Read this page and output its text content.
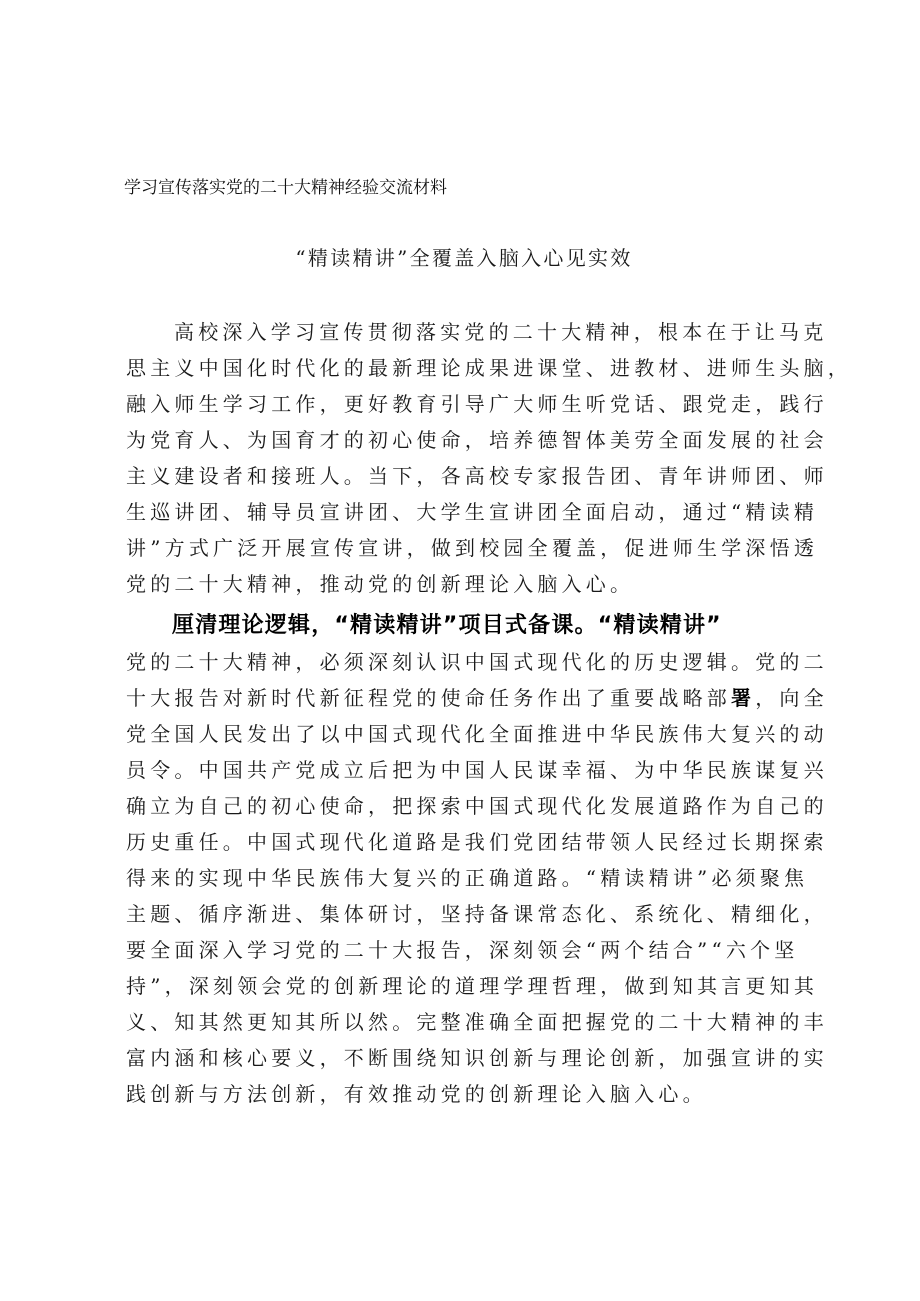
学习宣传落实党的二十大精神经验交流材料
“精读精讲”全覆盖入脑入心见实效
高校深入学习宣传贯彻落实党的二十大精神，根本在于让马克
思主义中国化时代化的最新理论成果进课堂、进教材、进师生头脑，
融入师生学习工作，更好教育引导广大师生听党话、跟党走，践行
为党育人、为国育才的初心使命，培养德智体美劳全面发展的社会
主义建设者和接班人。当下，各高校专家报告团、青年讲师团、师
生巡讲团、辅导员宣讲团、大学生宣讲团全面启动，通过“精读精
讲”方式广泛开展宣传宣讲，做到校园全覆盖，促进师生学深悟透
党的二十大精神，推动党的创新理论入脑入心。
厘清理论逻辑，“精读精讲”项目式备课。“精读精讲”
党的二十大精神，必须深刻认识中国式现代化的历史逻辑。党的二
十大报告对新时代新征程党的使命任务作出了重要战略部署，向全
党全国人民发出了以中国式现代化全面推进中华民族伟大复兴的动
员令。中国共产党成立后把为中国人民谋幸福、为中华民族谋复兴
确立为自己的初心使命，把探索中国式现代化发展道路作为自己的
历史重任。中国式现代化道路是我们党团结带领人民经过长期探索
得来的实现中华民族伟大复兴的正确道路。“精读精讲”必须聚焦
主题、循序渐进、集体研讨，坚持备课常态化、系统化、精细化，
要全面深入学习党的二十大报告，深刻领会“两个结合”“六个坚
持”，深刻领会党的创新理论的道理学理哲理，做到知其言更知其
义、知其然更知其所以然。完整准确全面把握党的二十大精神的丰
富内涵和核心要义，不断围绕知识创新与理论创新，加强宣讲的实
践创新与方法创新，有效推动党的创新理论入脑入心。
